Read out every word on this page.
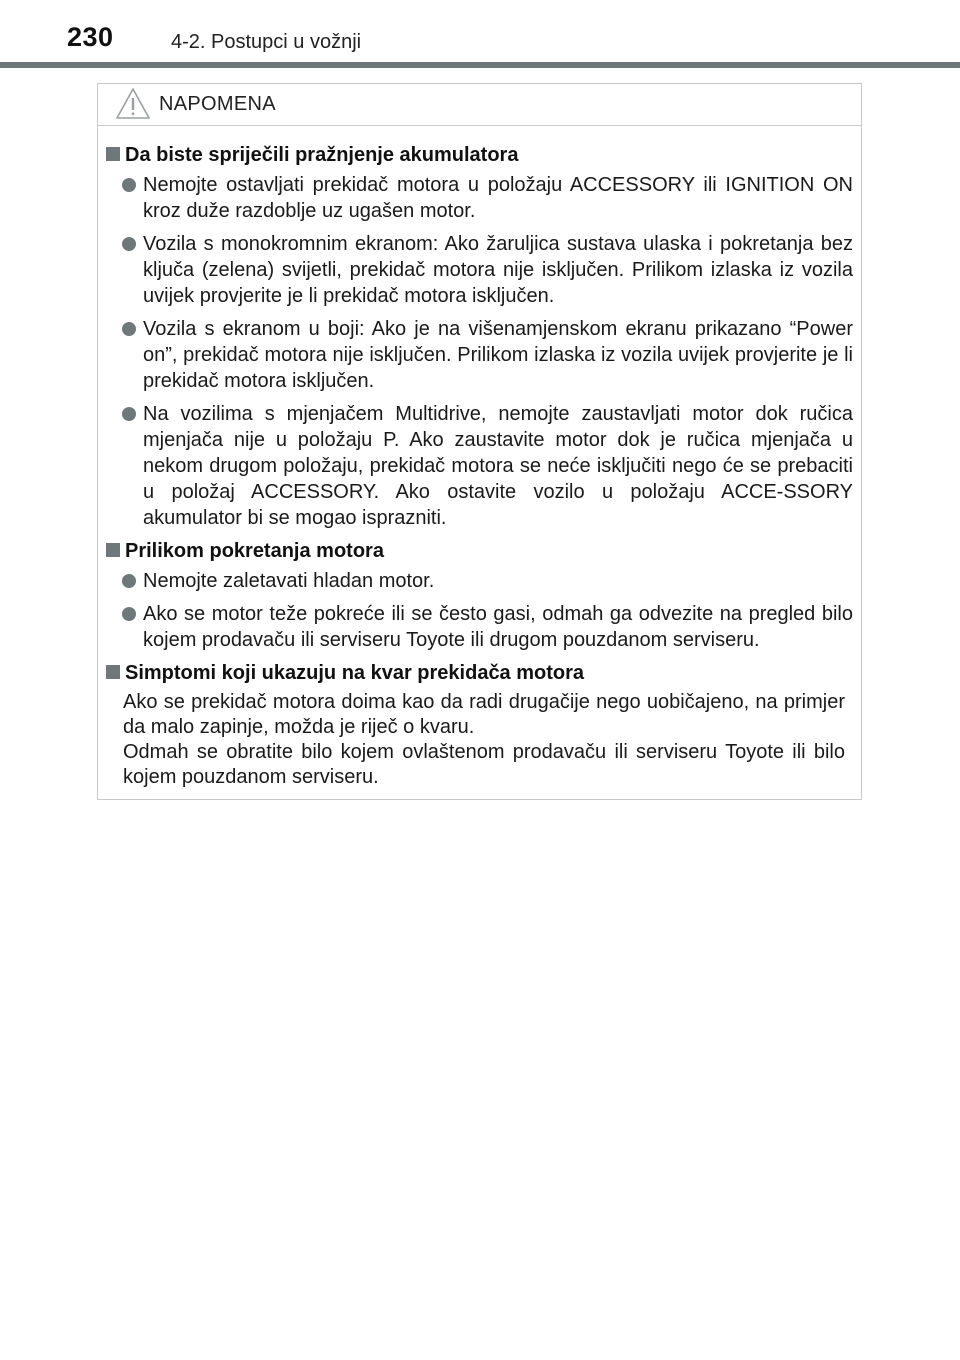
230	4-2. Postupci u vožnji
NAPOMENA
Da biste spriječili pražnjenje akumulatora
Nemojte ostavljati prekidač motora u položaju ACCESSORY ili IGNITION ON kroz duže razdoblje uz ugašen motor.
Vozila s monokromnim ekranom: Ako žaruljica sustava ulaska i pokretanja bez ključa (zelena) svijetli, prekidač motora nije isključen. Prilikom izlaska iz vozila uvijek provjerite je li prekidač motora isključen.
Vozila s ekranom u boji: Ako je na višenamjenskom ekranu prikazano “Power on”, prekidač motora nije isključen. Prilikom izlaska iz vozila uvijek provjerite je li prekidač motora isključen.
Na vozilima s mjenjačem Multidrive, nemojte zaustavljati motor dok ručica mjenjača nije u položaju P. Ako zaustavite motor dok je ručica mjenjača u nekom drugom položaju, prekidač motora se neće isključiti nego će se prebaciti u položaj ACCESSORY. Ako ostavite vozilo u položaju ACCE-SSORY akumulator bi se mogao isprazniti.
Prilikom pokretanja motora
Nemojte zaletavati hladan motor.
Ako se motor teže pokreće ili se često gasi, odmah ga odvezite na pregled bilo kojem prodavaču ili serviseru Toyote ili drugom pouzdanom serviseru.
Simptomi koji ukazuju na kvar prekidača motora
Ako se prekidač motora doima kao da radi drugačije nego uobičajeno, na primjer da malo zapinje, možda je riječ o kvaru.
Odmah se obratite bilo kojem ovlaštenom prodavaču ili serviseru Toyote ili bilo kojem pouzdanom serviseru.
